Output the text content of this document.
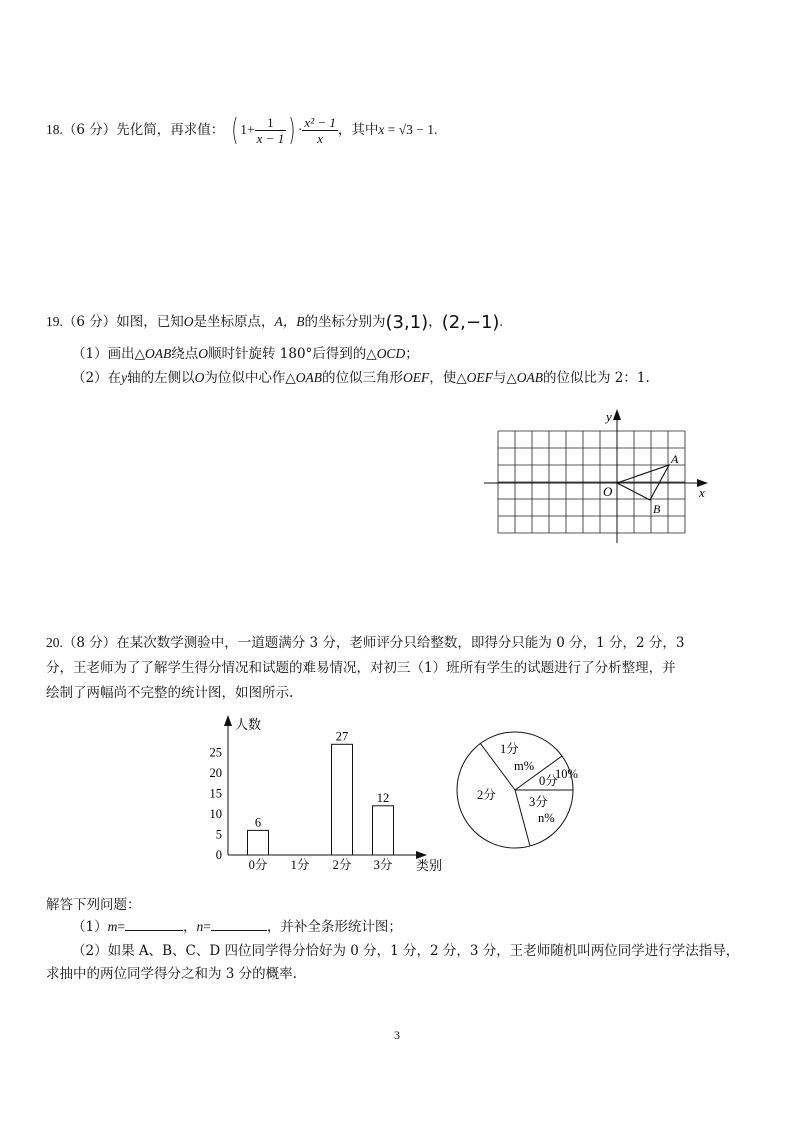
18.（6 分）先化简，再求值： ( $1+ \frac{1}{x - 1}$ ) · $\frac{\text{x² − 1}}{x}$ ，其中x = √3 − 1.
19.（6 分）如图，已知O是坐标原点，A，B的坐标分别为(3,1)，(2,−1).
（1）画出△OAB绕点O顺时针旋转 180°后得到的△OCD；
（2）在y轴的左侧以O为位似中心作△OAB的位似三角形OEF，使△OEF与△OAB的位似比为 2：1.
x
y
O
A
B
20.（8 分）在某次数学测验中，一道题满分 3 分，老师评分只给整数，即得分只能为 0 分，1 分，2 分，3
分，王老师为了了解学生得分情况和试题的难易情况，对初三（1）班所有学生的试题进行了分析整理，并
绘制了两幅尚不完整的统计图，如图所示.
人数
类别
0
5
10
15
20
25
6
27
12
0分 1分 2分 3分
1分
m%
0分
10%
3分
n%
2分
解答下列问题：
（1）m=	，n=	，并补全条形统计图；
（2）如果 A、B、C、D 四位同学得分恰好为 0 分，1 分，2 分，3 分，王老师随机叫两位同学进行学法指导，
求抽中的两位同学得分之和为 3 分的概率.
3
